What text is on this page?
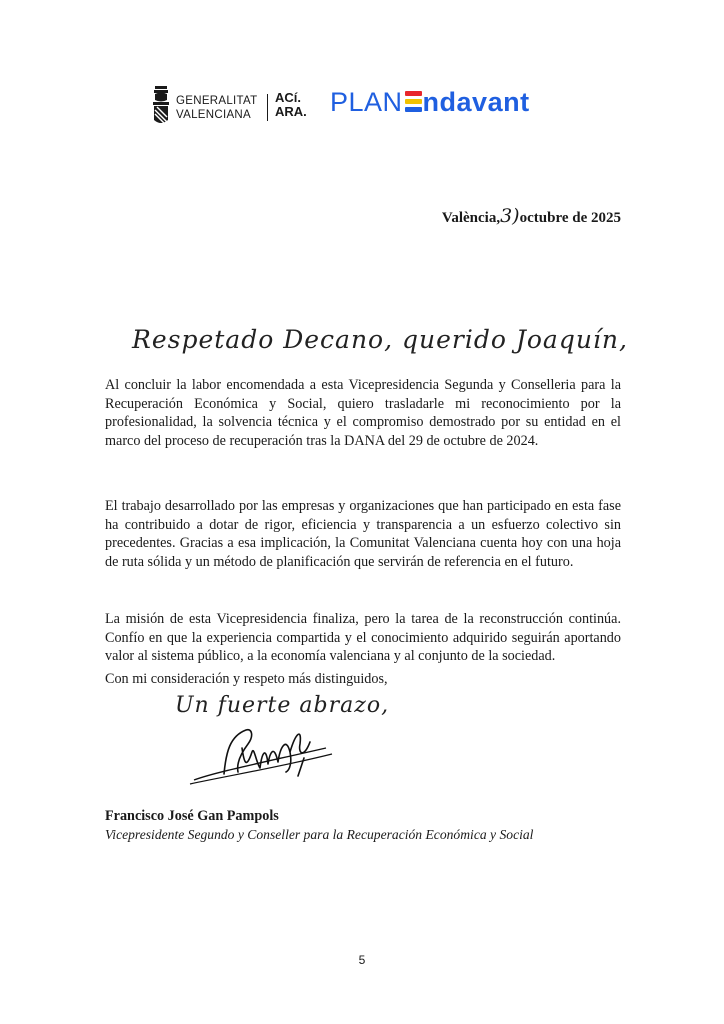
GENERALITAT
VALENCIANA
ACí.
ARA. PLAN ndavant
València,3)octubre de 2025
Respetado Decano, querido Joaquín,
Al concluir la labor encomendada a esta Vicepresidencia Segunda y Conselleria para la Recuperación Económica y Social, quiero trasladarle mi reconocimiento por la profesionalidad, la solvencia técnica y el compromiso demostrado por su entidad en el marco del proceso de recuperación tras la DANA del 29 de octubre de 2024.
El trabajo desarrollado por las empresas y organizaciones que han participado en esta fase ha contribuido a dotar de rigor, eficiencia y transparencia a un esfuerzo colectivo sin precedentes. Gracias a esa implicación, la Comunitat Valenciana cuenta hoy con una hoja de ruta sólida y un método de planificación que servirán de referencia en el futuro.
La misión de esta Vicepresidencia finaliza, pero la tarea de la reconstrucción continúa. Confío en que la experiencia compartida y el conocimiento adquirido seguirán aportando valor al sistema público, a la economía valenciana y al conjunto de la sociedad.
Con mi consideración y respeto más distinguidos,
Un fuerte abrazo,
Francisco José Gan Pampols
Vicepresidente Segundo y Conseller para la Recuperación Económica y Social
5
